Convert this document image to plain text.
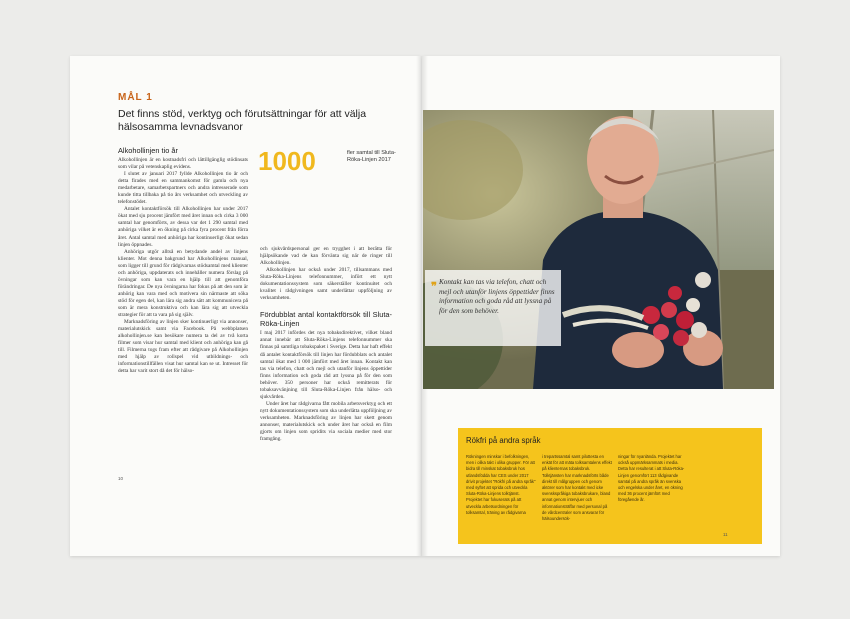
MÅL 1
Det finns stöd, verktyg och förutsättningar för att välja hälsosamma levnadsvanor
Alkohollinjen tio år

Alkohollinjen är en kostnadsfri och lättillgänglig stödinsats som vilar på vetenskaplig evidens.

I slutet av januari 2017 fyllde Alkohollinjen tio år och detta firades med en sammankomst för gamla och nya medarbetare, samarbetspartners och andra intresserade som kunde titta tillbaka på tio års verksamhet och utveckling av telefonstödet.

Antalet kontaktförsök till Alkohollinjen har under 2017 ökat med sju procent jämfört med året innan och cirka 3 000 samtal har genomförts, av dessa var det 1 290 samtal med anhöriga vilket är en ökning på cirka fyra procent från förra året. Antal samtal med anhöriga har kontinuerligt ökat sedan linjen öppnades.

Anhöriga utgör alltså en betydande andel av linjens klienter. Mot denna bakgrund har Alkohollinjens manual, som ligger till grund för rådgivarnas stödsamtal med klienter och anhöriga, uppdaterats och innehåller numera förslag på övningar som kan vara en hjälp till att genomföra förändringar. De nya övningarna har fokus på att den som är anhörig kan vara med och motivera sin närmaste att söka stöd för egen del, kan lära sig andra sätt att kommunicera på som är mera konstruktiva och kan lära sig att utveckla strategier för att ta vara på sig själv.

Marknadsföring av linjen sker kontinuerligt via annonser, materialutskick samt via Facebook. På webbplatsen alkohollinjen.se kan besökare numera ta del av två korta filmer som visar hur samtal med klient och anhöriga kan gå till. Filmerna togs fram efter att rådgivare på Alkohollinjen med hjälp av rollspel vid utbildnings- och informationstillfällen visat hur samtal kan se ut. Intresset för detta har varit stort då det för hälso-

1000	fler samtal till Sluta-Röka-Linjen 2017

och sjukvårdspersonal ger en trygghet i att berätta för hjälpsökande vad de kan förvänta sig när de ringer till Alkohollinjen.

Alkohollinjen har också under 2017, tillsammans med Sluta-Röka-Linjens telefonnummer, infört ett nytt dokumentationssystem som säkerställer kontinuitet och kvalitet i rådgivningen samt underlättar uppföljning av verksamheten.

Fördubblat antal kontaktförsök till Sluta-Röka-Linjen

I maj 2017 infördes det nya tobaksdirektivet, vilket bland annat innebär att Sluta-Röka-Linjens telefonnummer ska finnas på samtliga tobakspaket i Sverige. Detta har haft effekt då antalet kontaktförsök till linjen har fördubblats och antalet samtal ökat med 1 000 jämfört med året innan. Kontakt kan tas via telefon, chatt och mejl och utanför linjens öppettider finns information och goda råd att lyssna på för den som behöver. 350 personer har också remitterats för tobaksavvänjning till Sluta-Röka-Linjen från hälso- och sjukvården.

Under året har rådgivarna fått mobila arbetsverktyg och ett nytt dokumentationssystem som ska underlätta uppföljning av verksamheten. Marknadsföring av linjen har skett genom annonser, materialutskick och under året har också en film gjorts om linjen som spridits via sociala medier med stor framgång.

10
❞ Kontakt kan tas via telefon, chatt och mejl och utanför linjens öppettider finns information och goda råd att lyssna på för den som behöver.

Rökfri på andra språk

Rökningen minskar i befolkningen, men i olika takt i olika grupper. För att bidra till minskat tobaksbruk hos utlandsfödda har CES under 2017 drivit projektet "Rökfri på andra språk" med syftet att sprida och utveckla Sluta-Röka-Linjens tolktjänst. Projektet har fokuserats på att utveckla arbetsordningen för tolksamtal, träning av rådgivarna

i trepartssamtal samt pilottesta en enkät för att mäta tolksamtalens effekt på klienternas tobaksbruk. Tolktjänsten har marknadsförts både direkt till målgruppen och genom aktörer som har kontakt med icke svenskspråkiga tobaksbrukare, bland annat genom intervjuer och informationsträffar med personal på de vårdcentraler som ansvarar för hälsoundersök-

ningar för nyanlända. Projektet har också uppmärksammats i media. Detta har resulterat i att Sluta-Röka-Linjen genomfört 113 rådgivande samtal på andra språk än svenska och engelska under året, en ökning med 36 procent jämfört med föregående år.

11
